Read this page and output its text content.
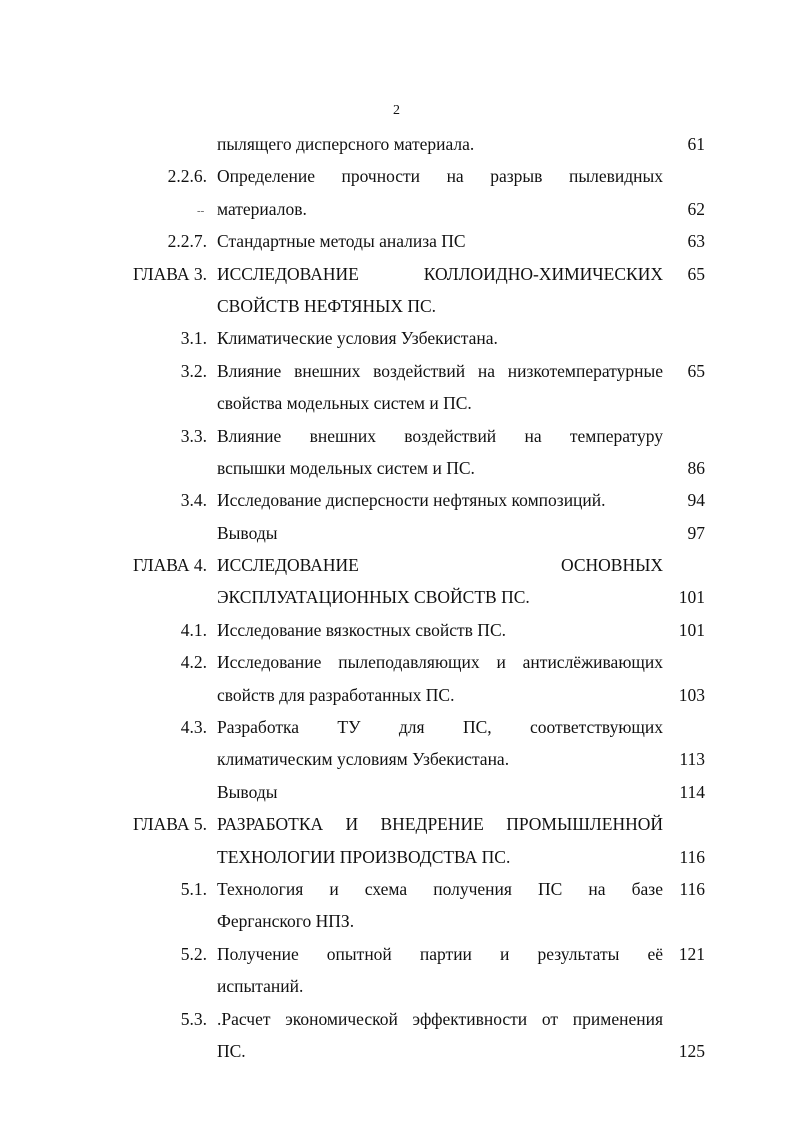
2
пылящего дисперсного материала.	61
2.2.6. Определение прочности на разрыв пылевидных
-- материалов.	62
2.2.7. Стандартные методы анализа ПС	63
ГЛАВА 3. ИССЛЕДОВАНИЕ КОЛЛОИДНО-ХИМИЧЕСКИХ 65
СВОЙСТВ НЕФТЯНЫХ ПС.
3.1. Климатические условия Узбекистана.
3.2. Влияние внешних воздействий на низкотемпературные 65
свойства модельных систем и ПС.
3.3. Влияние внешних воздействий на температуру
вспышки модельных систем и ПС.	86
3.4. Исследование дисперсности нефтяных композиций.	94
Выводы	97
ГЛАВА 4. ИССЛЕДОВАНИЕ ОСНОВНЫХ
ЭКСПЛУАТАЦИОННЫХ СВОЙСТВ ПС.	101
4.1. Исследование вязкостных свойств ПС.	101
4.2. Исследование пылеподавляющих и антислёживающих
свойств для разработанных ПС.	103
4.3. Разработка ТУ для ПС, соответствующих
климатическим условиям Узбекистана.	113
Выводы	114
ГЛАВА 5. РАЗРАБОТКА И ВНЕДРЕНИЕ ПРОМЫШЛЕННОЙ
ТЕХНОЛОГИИ ПРОИЗВОДСТВА ПС.	116
5.1. Технология и схема получения ПС на базе 116
Ферганского НПЗ.
5.2. Получение опытной партии и результаты её 121
испытаний.
5.3. .Расчет экономической эффективности от применения
ПС.	125
